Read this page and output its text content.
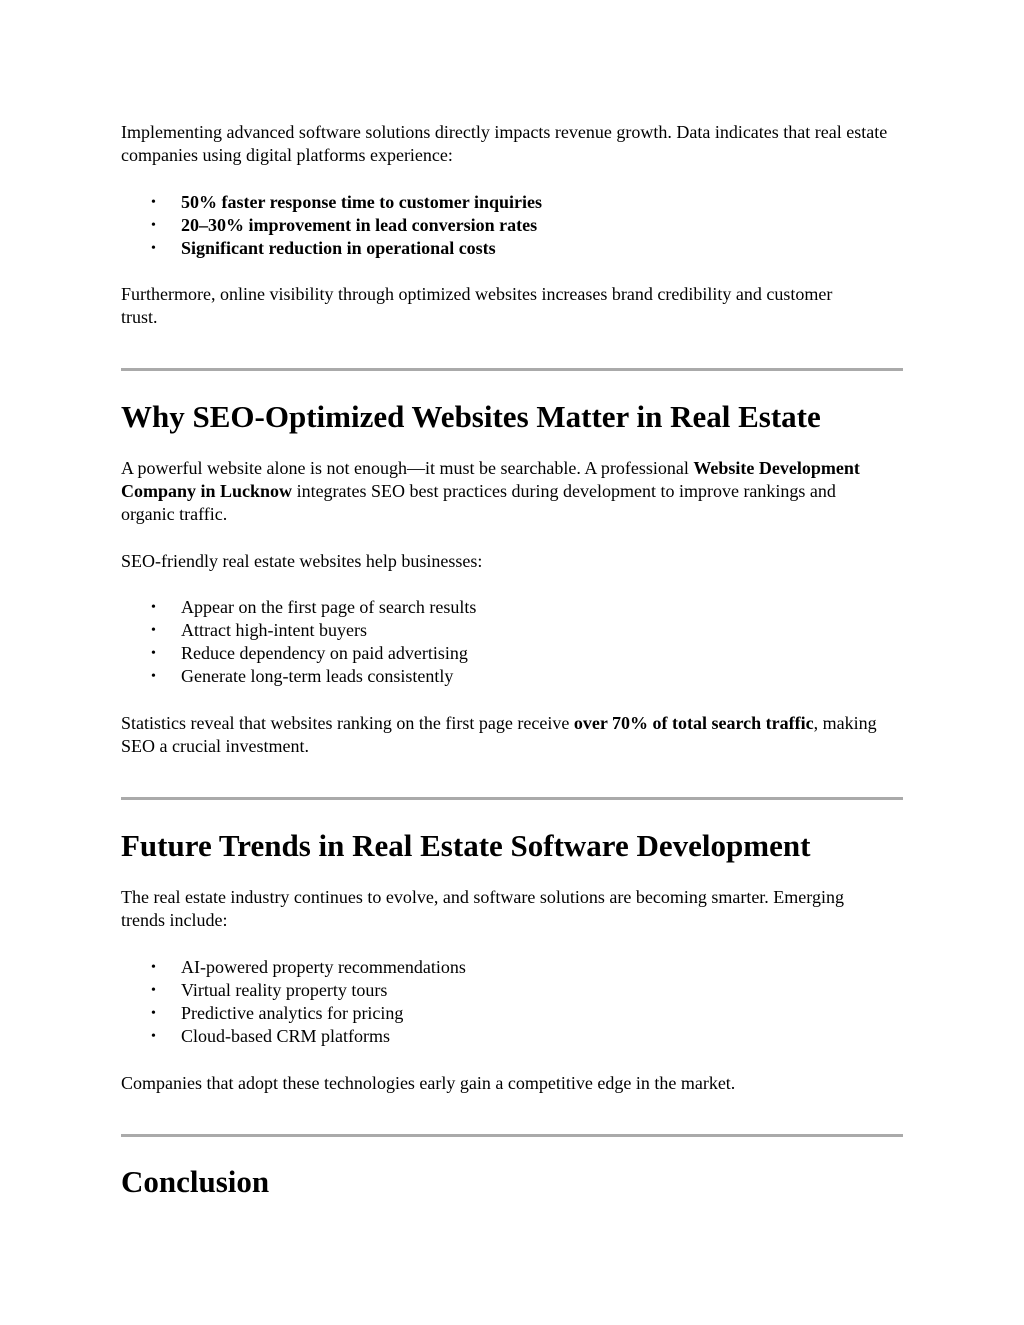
Implementing advanced software solutions directly impacts revenue growth. Data indicates that real estate companies using digital platforms experience:

• 50% faster response time to customer inquiries
• 20–30% improvement in lead conversion rates
• Significant reduction in operational costs

Furthermore, online visibility through optimized websites increases brand credibility and customer trust.

Why SEO-Optimized Websites Matter in Real Estate

A powerful website alone is not enough—it must be searchable. A professional Website Development Company in Lucknow integrates SEO best practices during development to improve rankings and organic traffic.

SEO-friendly real estate websites help businesses:

• Appear on the first page of search results
• Attract high-intent buyers
• Reduce dependency on paid advertising
• Generate long-term leads consistently

Statistics reveal that websites ranking on the first page receive over 70% of total search traffic, making SEO a crucial investment.

Future Trends in Real Estate Software Development

The real estate industry continues to evolve, and software solutions are becoming smarter. Emerging trends include:

• AI-powered property recommendations
• Virtual reality property tours
• Predictive analytics for pricing
• Cloud-based CRM platforms

Companies that adopt these technologies early gain a competitive edge in the market.

Conclusion
